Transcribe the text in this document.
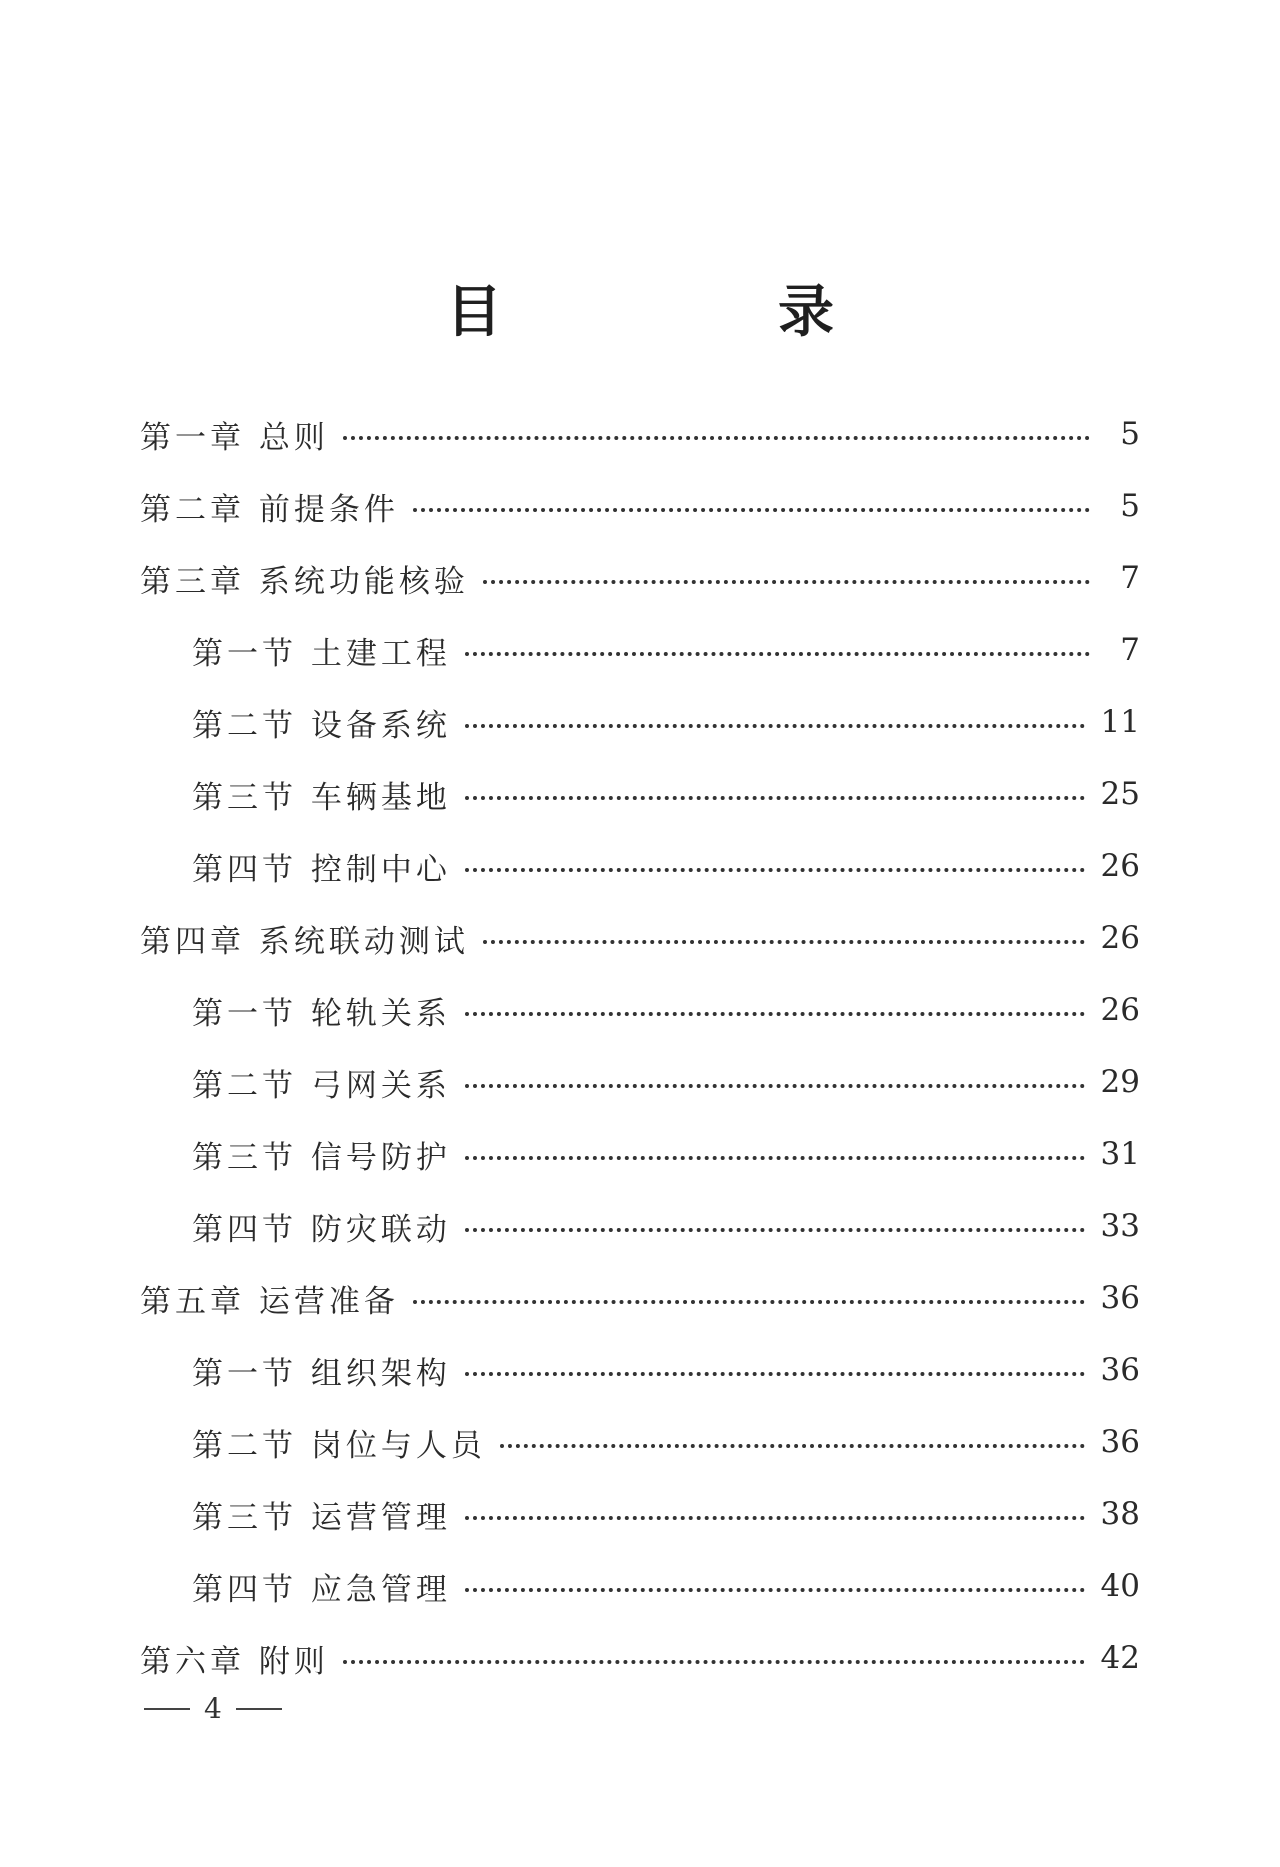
目　录
第一章 总则	5
第二章 前提条件	5
第三章 系统功能核验	7
第一节 土建工程	7
第二节 设备系统	11
第三节 车辆基地	25
第四节 控制中心	26
第四章 系统联动测试	26
第一节 轮轨关系	26
第二节 弓网关系	29
第三节 信号防护	31
第四节 防灾联动	33
第五章 运营准备	36
第一节 组织架构	36
第二节 岗位与人员	36
第三节 运营管理	38
第四节 应急管理	40
第六章 附则	42
4
